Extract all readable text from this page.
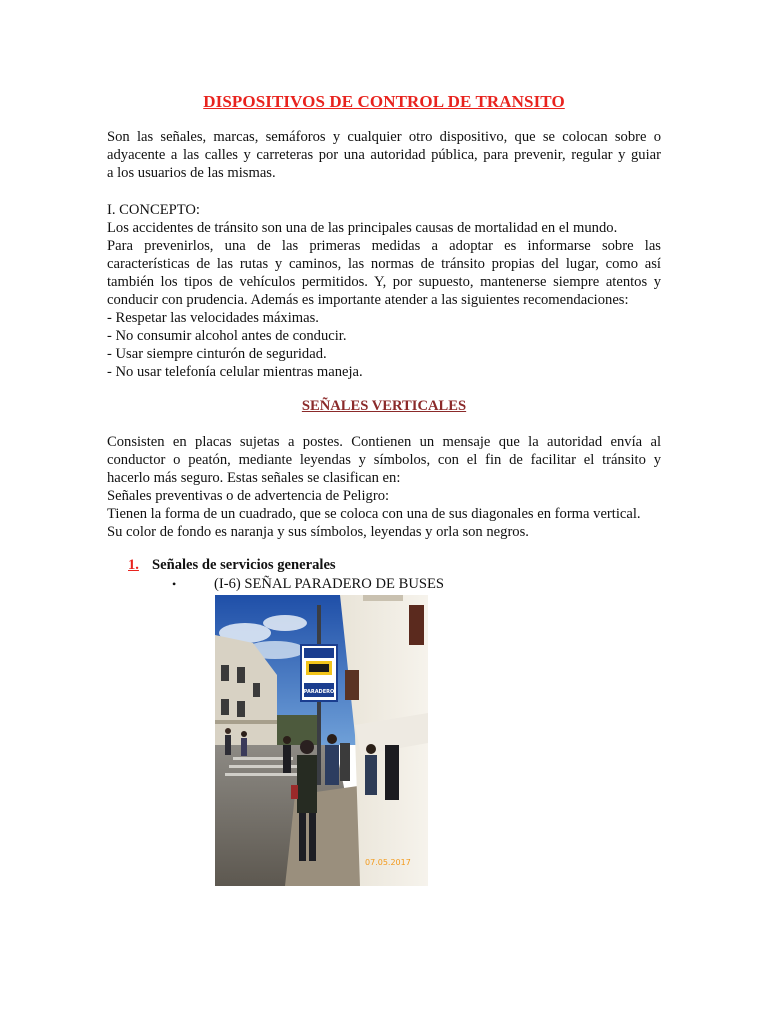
DISPOSITIVOS DE CONTROL DE TRANSITO
Son las señales, marcas, semáforos y cualquier otro dispositivo, que se colocan sobre o
adyacente a las calles y carreteras por una autoridad pública, para prevenir, regular y guiar
a los usuarios de las mismas.
I. CONCEPTO:
Los accidentes de tránsito son una de las principales causas de mortalidad en el mundo.
Para prevenirlos, una de las primeras medidas a adoptar es informarse sobre las
características de las rutas y caminos, las normas de tránsito propias del lugar, como así
también los tipos de vehículos permitidos. Y, por supuesto, mantenerse siempre atentos y
conducir con prudencia. Además es importante atender a las siguientes recomendaciones:
- Respetar las velocidades máximas.
- No consumir alcohol antes de conducir.
- Usar siempre cinturón de seguridad.
- No usar telefonía celular mientras maneja.
SEÑALES VERTICALES
Consisten en placas sujetas a postes. Contienen un mensaje que la autoridad envía al
conductor o peatón, mediante leyendas y símbolos, con el fin de facilitar el tránsito y
hacerlo más seguro. Estas señales se clasifican en:
Señales preventivas o de advertencia de Peligro:
Tienen la forma de un cuadrado, que se coloca con una de sus diagonales en forma vertical.
Su color de fondo es naranja y sus símbolos, leyendas y orla son negros.
1. Señales de servicios generales
•	(I-6) SEÑAL PARADERO DE BUSES
PARADERO
07.05.2017
